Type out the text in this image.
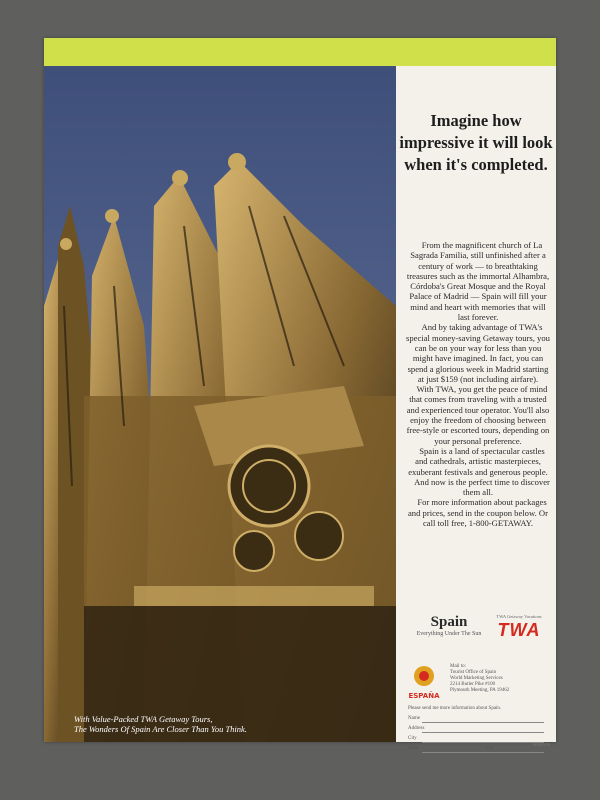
With Value-Packed TWA Getaway Tours,
The Wonders Of Spain Are Closer Than You Think.
Imagine how impressive it will look when it's completed.

From the magnificent church of La Sagrada Familia, still unfinished after a century of work — to breathtaking treasures such as the immortal Alhambra, Córdoba's Great Mosque and the Royal Palace of Madrid — Spain will fill your mind and heart with memories that will last forever.

And by taking advantage of TWA's special money-saving Getaway tours, you can be on your way for less than you might have imagined. In fact, you can spend a glorious week in Madrid starting at just $159 (not including airfare).

With TWA, you get the peace of mind that comes from traveling with a trusted and experienced tour operator. You'll also enjoy the freedom of choosing between free-style or escorted tours, depending on your personal preference.

Spain is a land of spectacular castles and cathedrals, artistic masterpieces, exuberant festivals and generous people.

And now is the perfect time to discover them all.

For more information about packages and prices, send in the coupon below. Or call toll free, 1-800-GETAWAY.

Spain
Everything Under The Sun
TWA Getaway Vacations
TWA
ESPAÑA
Mail to:
Tourist Office of Spain
World Marketing Services
2214 Butler Pike #100
Plymouth Meeting, PA 19462
Please send me more information about Spain.
Name
Address
City
State	Zip
SPSPA90
